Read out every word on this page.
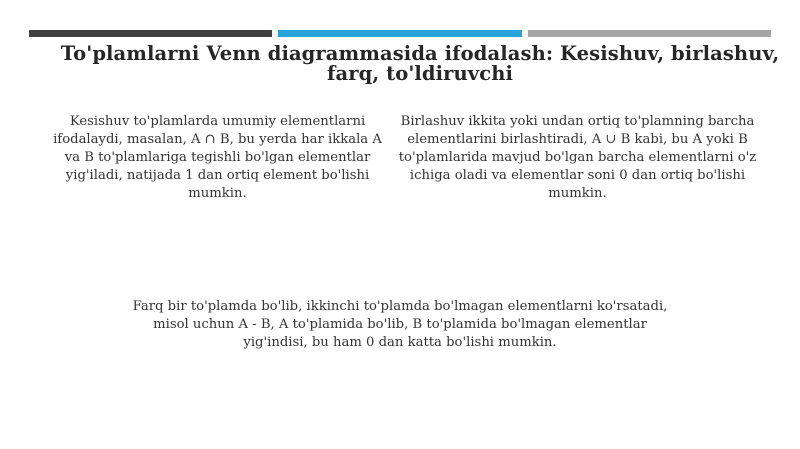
To'plamlarni Venn diagrammasida ifodalash: Kesishuv, birlashuv, farq, to'ldiruvchi
Kesishuv to'plamlarda umumiy elementlarni ifodalaydi, masalan, A ∩ B, bu yerda har ikkala A va B to'plamlariga tegishli bo'lgan elementlar yig'iladi, natijada 1 dan ortiq element bo'lishi mumkin.
Birlashuv ikkita yoki undan ortiq to'plamning barcha elementlarini birlashtiradi, A ∪ B kabi, bu A yoki B to'plamlarida mavjud bo'lgan barcha elementlarni o'z ichiga oladi va elementlar soni 0 dan ortiq bo'lishi mumkin.
Farq bir to'plamda bo'lib, ikkinchi to'plamda bo'lmagan elementlarni ko'rsatadi, misol uchun A - B, A to'plamida bo'lib, B to'plamida bo'lmagan elementlar yig'indisi, bu ham 0 dan katta bo'lishi mumkin.
